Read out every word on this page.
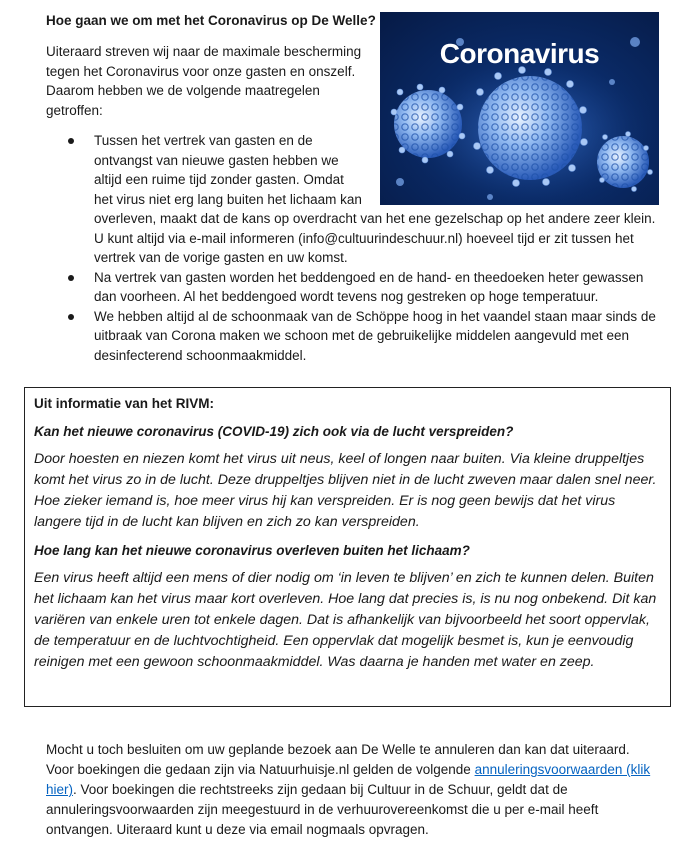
Hoe gaan we om met het Coronavirus op De Welle?

Uiteraard streven wij naar de maximale bescherming tegen het Coronavirus voor onze gasten en onszelf. Daarom hebben we de volgende maatregelen getroffen:

Coronavirus
Tussen het vertrek van gasten en de ontvangst van nieuwe gasten hebben we altijd een ruime tijd zonder gasten. Omdat het virus niet erg lang buiten het lichaam kan
overleven, maakt dat de kans op overdracht van het ene gezelschap op het andere zeer klein. U kunt altijd via e-mail informeren (info@cultuurindeschuur.nl) hoeveel tijd er zit tussen het vertrek van de vorige gasten en uw komst.
Na vertrek van gasten worden het beddengoed en de hand- en theedoeken heter gewassen dan voorheen. Al het beddengoed wordt tevens nog gestreken op hoge temperatuur.
We hebben altijd al de schoonmaak van de Schöppe hoog in het vaandel staan maar sinds de uitbraak van Corona maken we schoon met de gebruikelijke middelen aangevuld met een desinfecterend schoonmaakmiddel.

Uit informatie van het RIVM:

Kan het nieuwe coronavirus (COVID-19) zich ook via de lucht verspreiden?

Door hoesten en niezen komt het virus uit neus, keel of longen naar buiten. Via kleine druppeltjes komt het virus zo in de lucht. Deze druppeltjes blijven niet in de lucht zweven maar dalen snel neer. Hoe zieker iemand is, hoe meer virus hij kan verspreiden. Er is nog geen bewijs dat het virus langere tijd in de lucht kan blijven en zich zo kan verspreiden.

Hoe lang kan het nieuwe coronavirus overleven buiten het lichaam?

Een virus heeft altijd een mens of dier nodig om ‘in leven te blijven’ en zich te kunnen delen. Buiten het lichaam kan het virus maar kort overleven. Hoe lang dat precies is, is nu nog onbekend. Dit kan variëren van enkele uren tot enkele dagen. Dat is afhankelijk van bijvoorbeeld het soort oppervlak, de temperatuur en de luchtvochtigheid. Een oppervlak dat mogelijk besmet is, kun je eenvoudig reinigen met een gewoon schoonmaakmiddel. Was daarna je handen met water en zeep.

Mocht u toch besluiten om uw geplande bezoek aan De Welle te annuleren dan kan dat uiteraard. Voor boekingen die gedaan zijn via Natuurhuisje.nl gelden de volgende annuleringsvoorwaarden (klik hier). Voor boekingen die rechtstreeks zijn gedaan bij Cultuur in de Schuur, geldt dat de annuleringsvoorwaarden zijn meegestuurd in de verhuurovereenkomst die u per e-mail heeft ontvangen. Uiteraard kunt u deze via email nogmaals opvragen.
